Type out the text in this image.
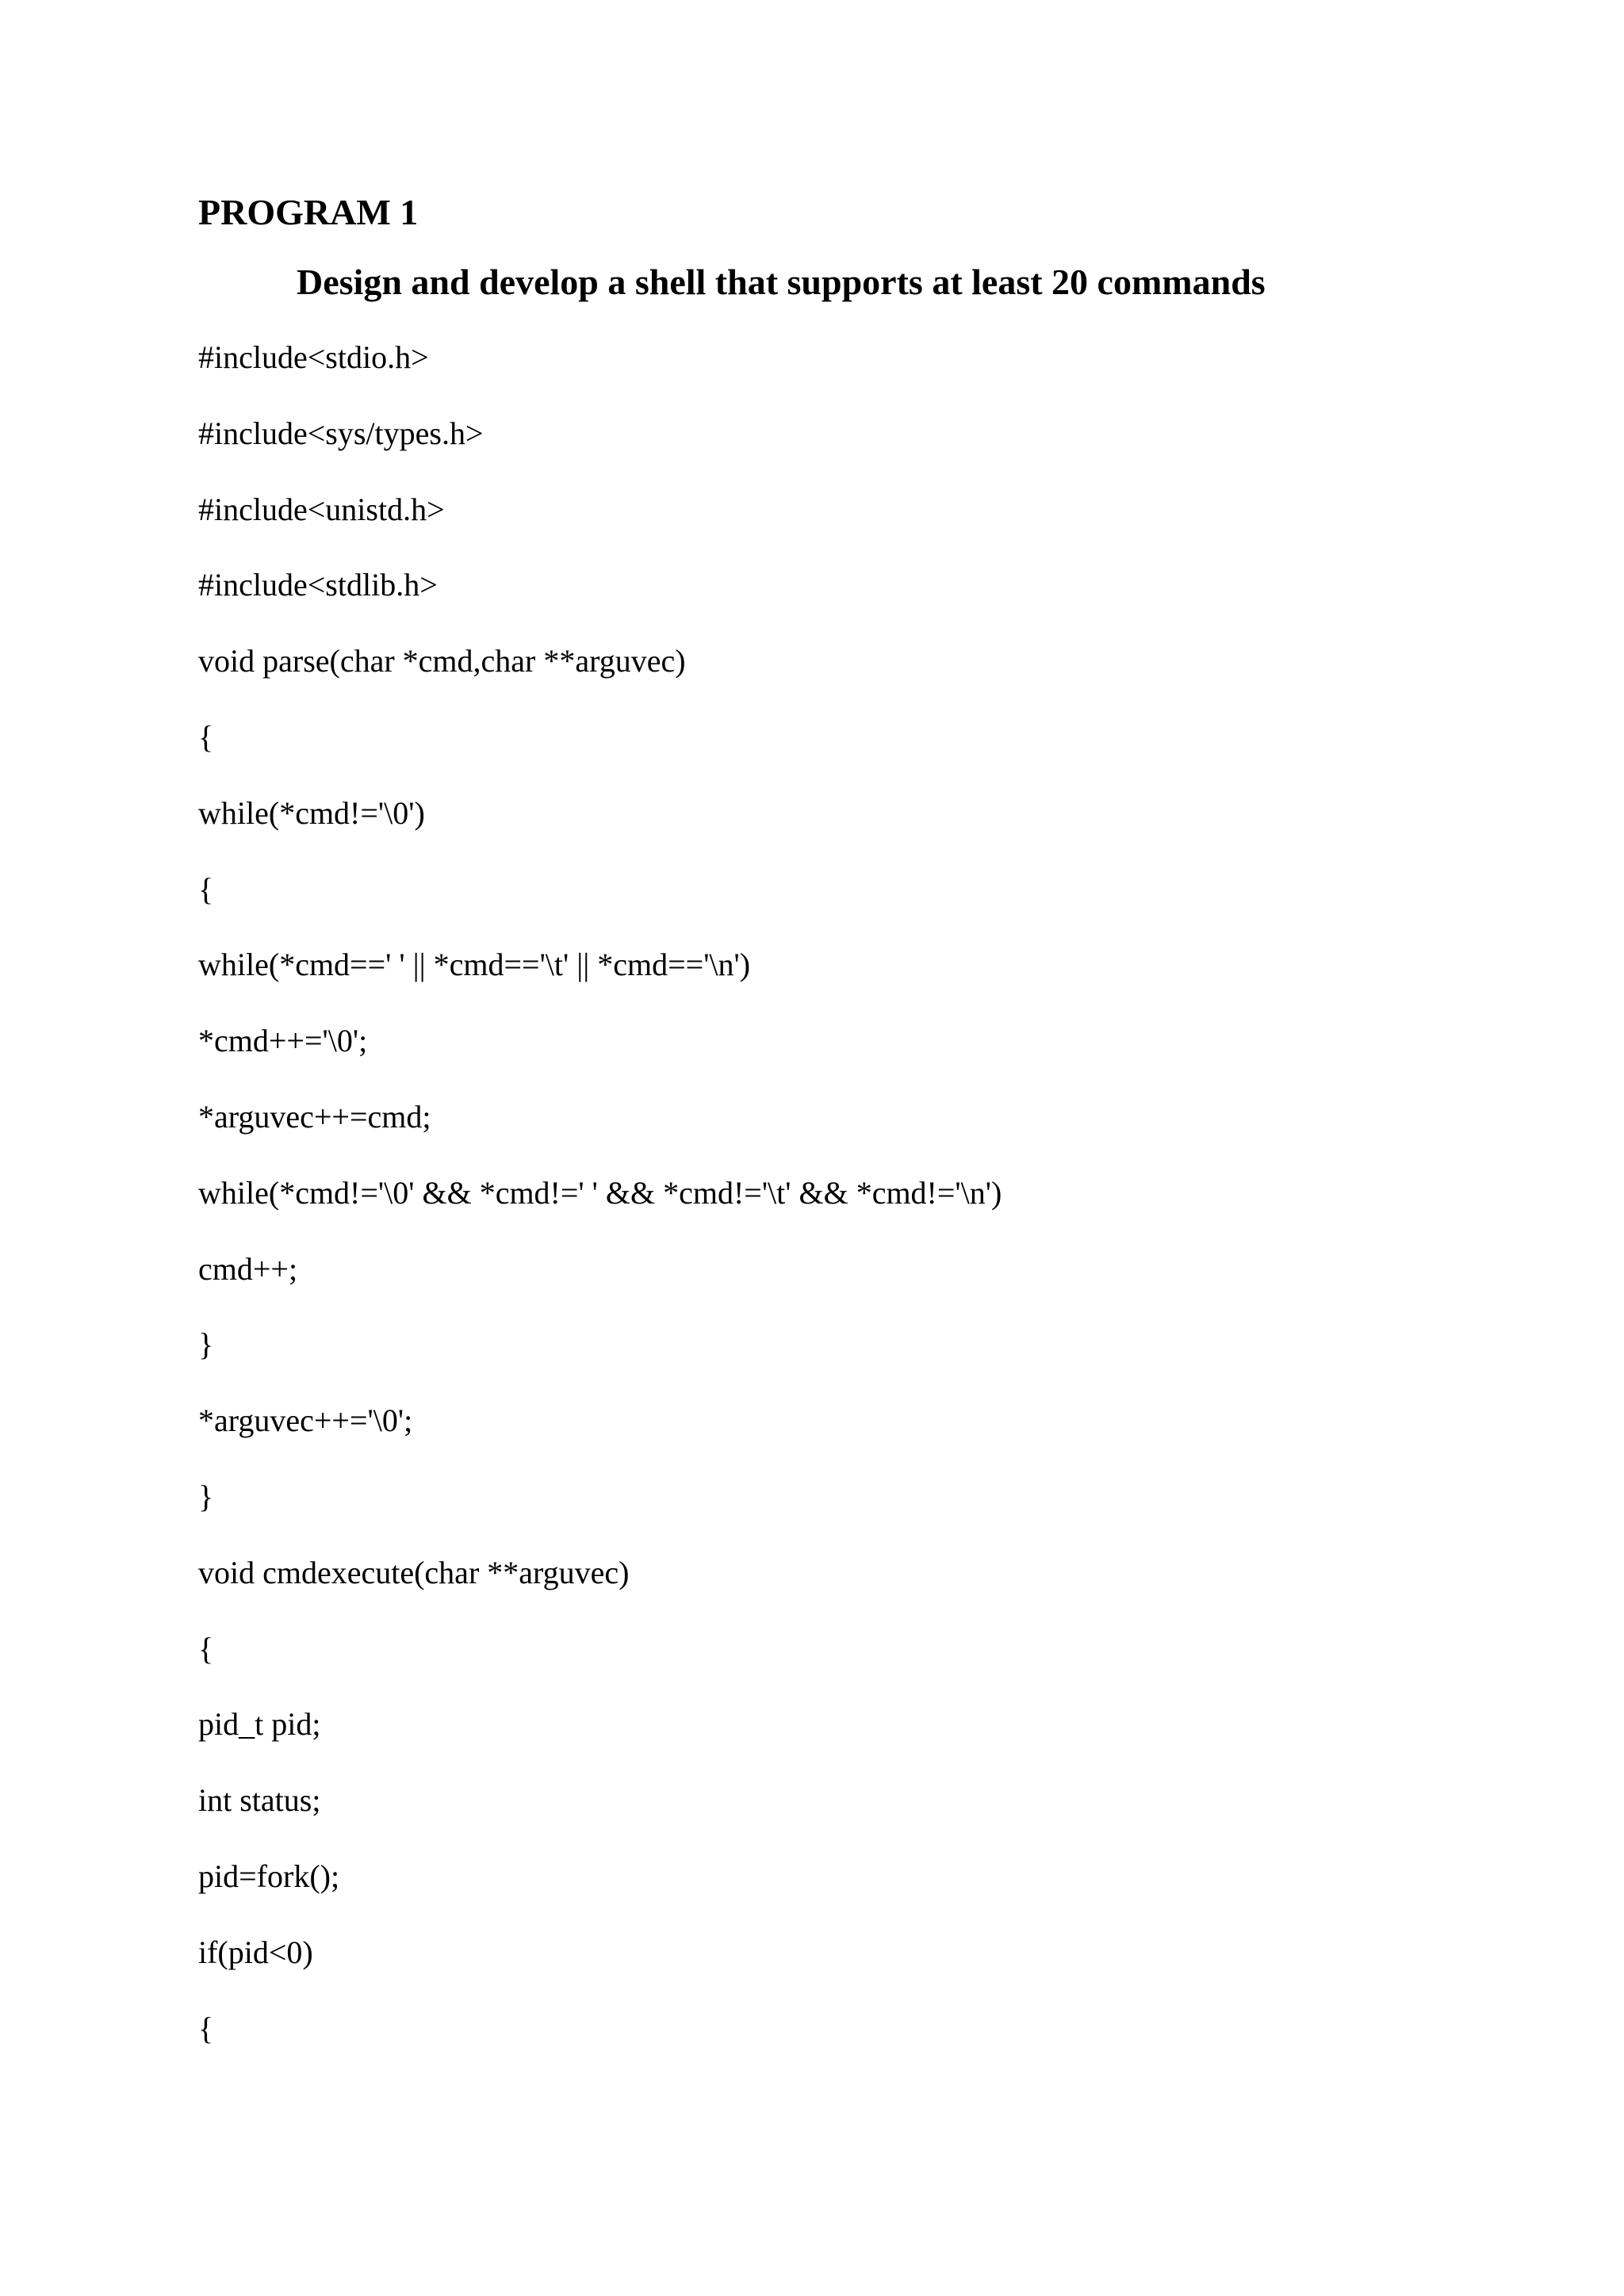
PROGRAM 1
Design and develop a shell that supports at least 20 commands
#include<stdio.h>
#include<sys/types.h>
#include<unistd.h>
#include<stdlib.h>
void parse(char *cmd,char **arguvec)
{
while(*cmd!='\0')
{
while(*cmd==' ' || *cmd=='\t' || *cmd=='\n')
*cmd++='\0';
*arguvec++=cmd;
while(*cmd!='\0' && *cmd!=' ' && *cmd!='\t' && *cmd!='\n')
cmd++;
}
*arguvec++='\0';
}
void cmdexecute(char **arguvec)
{
pid_t pid;
int status;
pid=fork();
if(pid<0)
{
